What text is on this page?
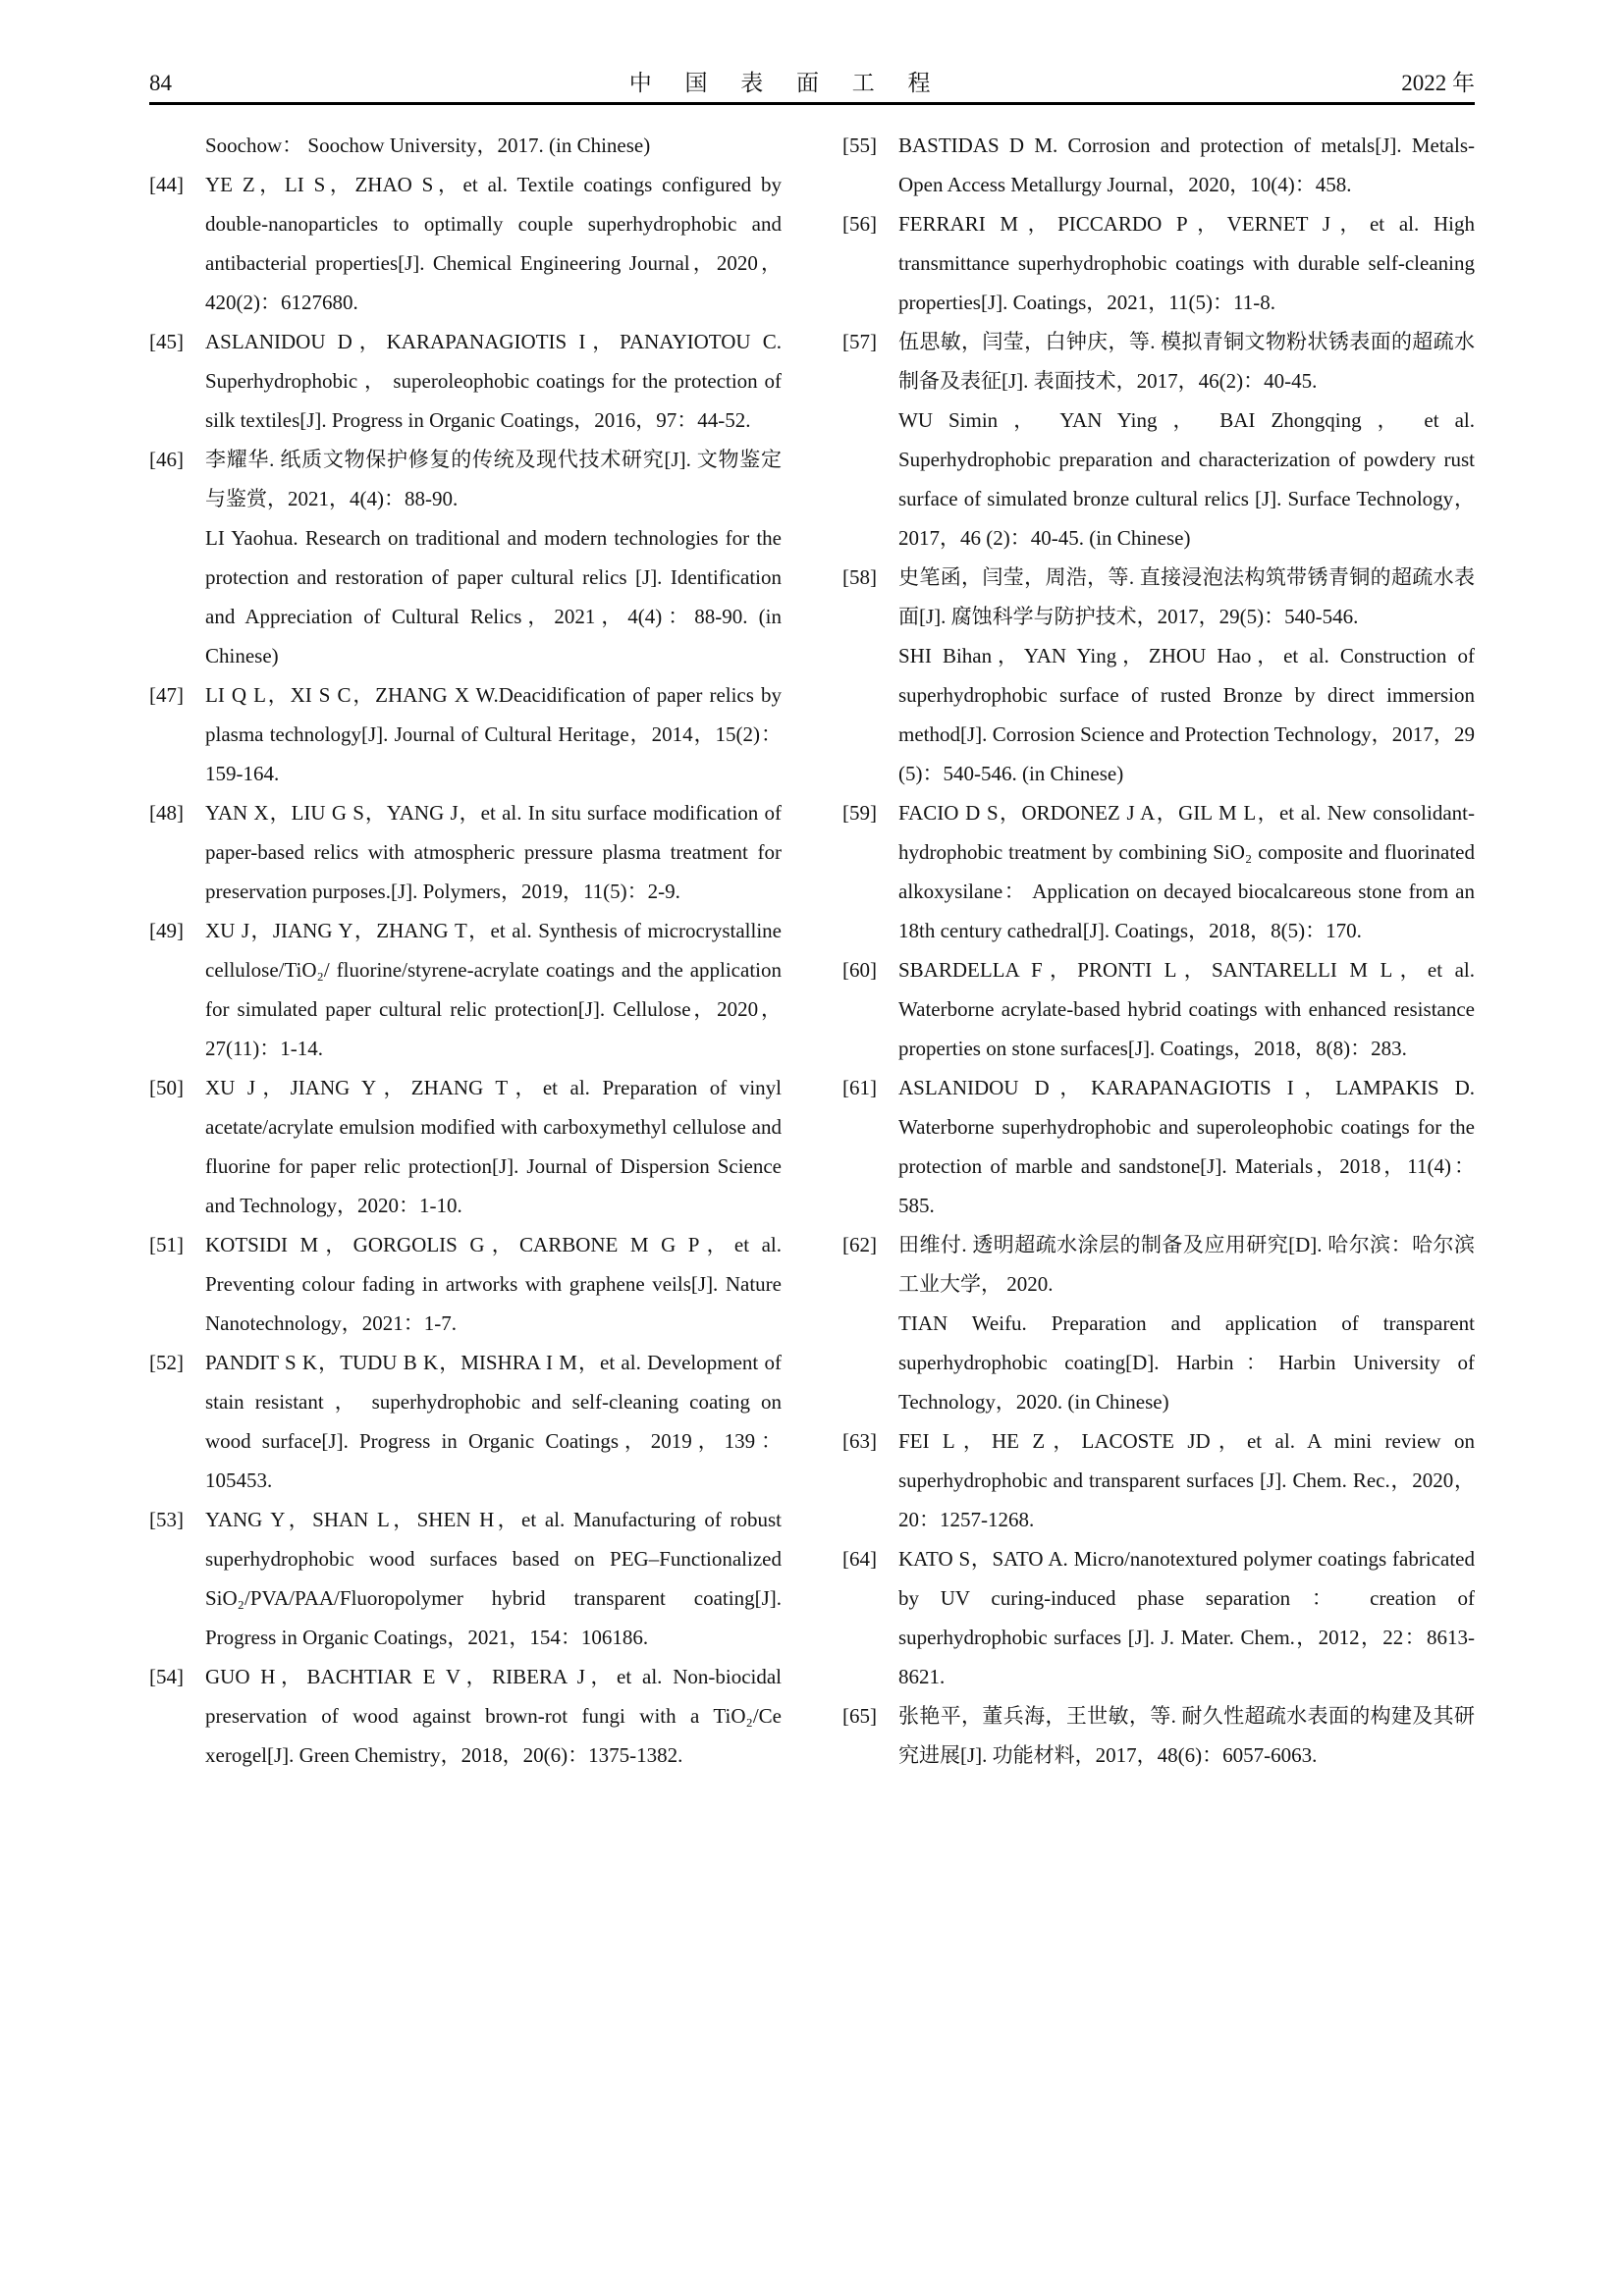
84	中 国 表 面 工 程	2022 年

Soochow： Soochow University，2017. (in Chinese)

[44] YE Z，LI S，ZHAO S，et al. Textile coatings configured by double-nanoparticles to optimally couple superhydrophobic and antibacterial properties[J]. Chemical Engineering Journal，2020，420(2)：6127680.

[45] ASLANIDOU D，KARAPANAGIOTIS I，PANAYIOTOU C. Superhydrophobic ， superoleophobic coatings for the protection of silk textiles[J]. Progress in Organic Coatings，2016，97：44-52.

[46] 李耀华. 纸质文物保护修复的传统及现代技术研究[J]. 文物鉴定与鉴赏，2021，4(4)：88-90.

LI Yaohua. Research on traditional and modern technologies for the protection and restoration of paper cultural relics [J]. Identification and Appreciation of Cultural Relics，2021，4(4)：88-90. (in Chinese)

[47] LI Q L，XI S C，ZHANG X W.Deacidification of paper relics by plasma technology[J]. Journal of Cultural Heritage，2014，15(2)：159-164.

[48] YAN X，LIU G S，YANG J，et al. In situ surface modification of paper-based relics with atmospheric pressure plasma treatment for preservation purposes.[J]. Polymers，2019，11(5)：2-9.

[49] XU J，JIANG Y，ZHANG T，et al. Synthesis of microcrystalline cellulose/TiO₂/ fluorine/styrene-acrylate coatings and the application for simulated paper cultural relic protection[J]. Cellulose，2020，27(11)：1-14.

[50] XU J，JIANG Y，ZHANG T，et al. Preparation of vinyl acetate/acrylate emulsion modified with carboxymethyl cellulose and fluorine for paper relic protection[J]. Journal of Dispersion Science and Technology，2020：1-10.

[51] KOTSIDI M，GORGOLIS G，CARBONE M G P，et al. Preventing colour fading in artworks with graphene veils[J]. Nature Nanotechnology，2021：1-7.

[52] PANDIT S K，TUDU B K，MISHRA I M，et al. Development of stain resistant ， superhydrophobic and self-cleaning coating on wood surface[J]. Progress in Organic Coatings，2019，139：105453.

[53] YANG Y，SHAN L，SHEN H，et al. Manufacturing of robust superhydrophobic wood surfaces based on PEG–Functionalized SiO₂/PVA/PAA/Fluoropolymer hybrid transparent coating[J]. Progress in Organic Coatings，2021，154：106186.

[54] GUO H，BACHTIAR E V，RIBERA J，et al. Non-biocidal preservation of wood against brown-rot fungi with a TiO₂/Ce xerogel[J]. Green Chemistry，2018，20(6)：1375-1382.

[55] BASTIDAS D M. Corrosion and protection of metals[J]. Metals-Open Access Metallurgy Journal，2020，10(4)：458.

[56] FERRARI M，PICCARDO P，VERNET J，et al. High transmittance superhydrophobic coatings with durable self-cleaning properties[J]. Coatings，2021，11(5)：11-8.

[57] 伍思敏，闫莹，白钟庆，等. 模拟青铜文物粉状锈表面的超疏水制备及表征[J]. 表面技术，2017，46(2)：40-45.

WU Simin ， YAN Ying ， BAI Zhongqing ， et al. Superhydrophobic preparation and characterization of powdery rust surface of simulated bronze cultural relics [J]. Surface Technology，2017，46 (2)：40-45. (in Chinese)

[58] 史笔函，闫莹，周浩，等. 直接浸泡法构筑带锈青铜的超疏水表面[J]. 腐蚀科学与防护技术，2017，29(5)：540-546.

SHI Bihan，YAN Ying，ZHOU Hao，et al. Construction of superhydrophobic surface of rusted Bronze by direct immersion method[J]. Corrosion Science and Protection Technology，2017，29 (5)：540-546. (in Chinese)

[59] FACIO D S，ORDONEZ J A，GIL M L，et al. New consolidant-hydrophobic treatment by combining SiO₂ composite and fluorinated alkoxysilane： Application on decayed biocalcareous stone from an 18th century cathedral[J]. Coatings，2018，8(5)：170.

[60] SBARDELLA F，PRONTI L，SANTARELLI M L，et al. Waterborne acrylate-based hybrid coatings with enhanced resistance properties on stone surfaces[J]. Coatings，2018，8(8)：283.

[61] ASLANIDOU D，KARAPANAGIOTIS I，LAMPAKIS D. Waterborne superhydrophobic and superoleophobic coatings for the protection of marble and sandstone[J]. Materials，2018，11(4)：585.

[62] 田维付. 透明超疏水涂层的制备及应用研究[D]. 哈尔滨：哈尔滨工业大学， 2020.

TIAN Weifu. Preparation and application of transparent superhydrophobic coating[D]. Harbin：Harbin University of Technology，2020. (in Chinese)

[63] FEI L，HE Z，LACOSTE JD，et al. A mini review on superhydrophobic and transparent surfaces [J]. Chem. Rec.，2020，20：1257-1268.

[64] KATO S，SATO A. Micro/nanotextured polymer coatings fabricated by UV curing-induced phase separation ： creation of superhydrophobic surfaces [J]. J. Mater. Chem.，2012，22：8613-8621.

[65] 张艳平，董兵海，王世敏，等. 耐久性超疏水表面的构建及其研究进展[J]. 功能材料，2017，48(6)：6057-6063.
